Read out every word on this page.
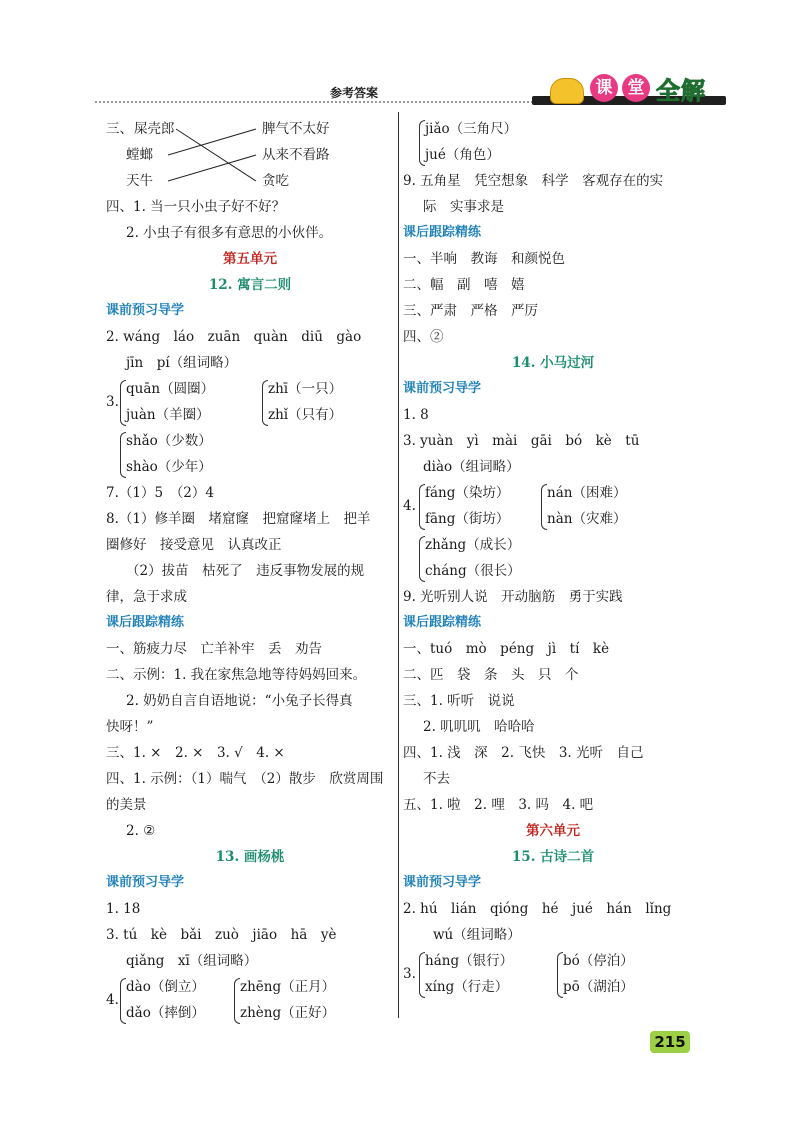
参考答案	课 堂 全解
三、 屎壳郎
螳螂
天牛
脾气不太好
从来不看路
贪吃
四、1. 当一只小虫子好不好？
2. 小虫子有很多有意思的小伙伴。
第五单元
12. 寓言二则
课前预习导学
2. wáng　láo　zuān　quàn　diū　gào
jīn　pí（组词略）
3.
quān（圆圈）
juàn（羊圈）
zhī（一只）
zhǐ（只有）
shǎo（少数）
shào（少年）
7.（1）5　（2）4
8.（1）修羊圈　堵窟窿　把窟窿堵上　把羊
圈修好　接受意见　认真改正
（2）拔苗　枯死了　违反事物发展的规
律，急于求成
课后跟踪精练
一、筋疲力尽　亡羊补牢　丢　劝告
二、示例：1. 我在家焦急地等待妈妈回来。
2. 奶奶自言自语地说：“小兔子长得真
快呀！”
三、1. ×　2. ×　3. √　4. ×
四、1. 示例：（1）喘气　（2）散步　欣赏周围
的美景
2. ②
13. 画杨桃
课前预习导学
1. 18
3. tú　kè　bǎi　zuò　jiāo　hā　yè
qiǎng　xī（组词略）
4.
dào（倒立）
dǎo（摔倒）
zhēng（正月）
zhèng（正好）
jiǎo（三角尺）
jué（角色）
9. 五角星　凭空想象　科学　客观存在的实
际　实事求是
课后跟踪精练
一、半响　教诲　和颜悦色
二、幅　副　嘻　嬉
三、严肃　严格　严厉
四、②
14. 小马过河
课前预习导学
1. 8
3. yuàn　yì　mài　gāi　bó　kè　tū
diào（组词略）
4.
fáng（染坊）
fāng（街坊）
nán（困难）
nàn（灾难）
zhǎng（成长）
cháng（很长）
9. 光听别人说　开动脑筋　勇于实践
课后跟踪精练
一、tuó　mò　péng　jì　tí　kè
二、匹　袋　条　头　只　个
三、1. 听听　说说
2. 叽叽叽　哈哈哈
四、1. 浅　深　2. 飞快　3. 光听　自己
不去
五、1. 啦　2. 哩　3. 吗　4. 吧
第六单元
15. 古诗二首
课前预习导学
2. hú　lián　qióng　hé　jué　hán　lǐng
wú（组词略）
3.
háng（银行）
xíng（行走）
bó（停泊）
pō（湖泊）
215
